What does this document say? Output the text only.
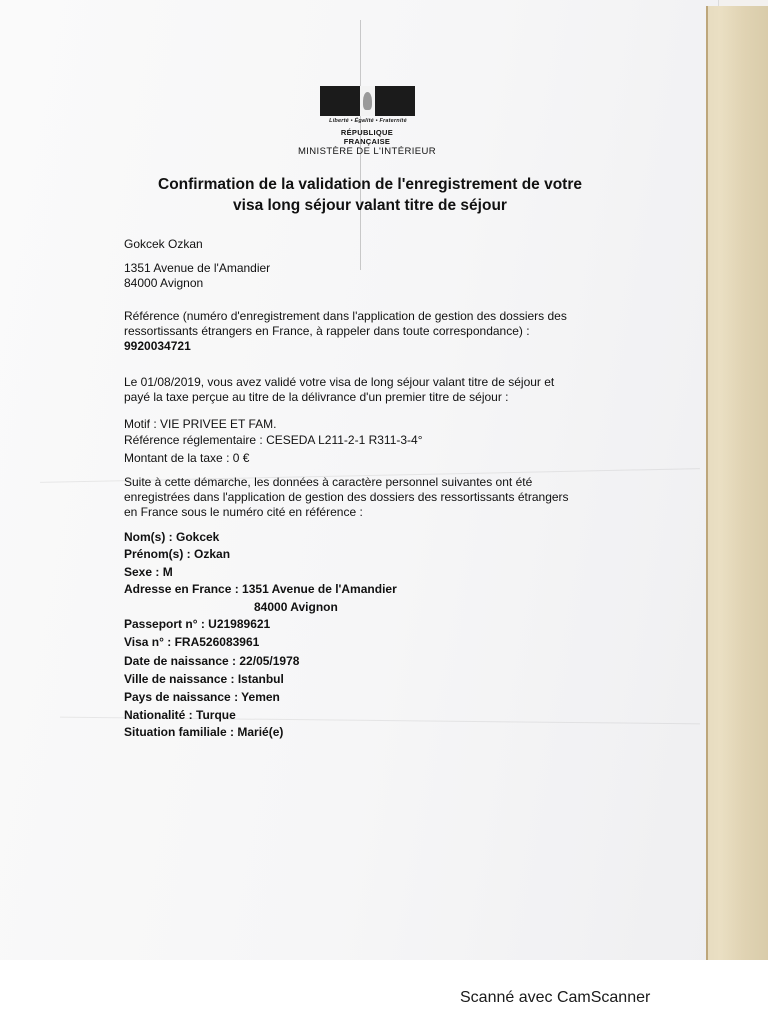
Liberté • Égalité • Fraternité
RÉPUBLIQUE FRANÇAISE
MINISTÈRE DE L'INTÉRIEUR
Confirmation de la validation de l'enregistrement de votre
visa long séjour valant titre de séjour
Gokcek Ozkan
1351 Avenue de l'Amandier
84000 Avignon
Référence (numéro d'enregistrement dans l'application de gestion des dossiers des
ressortissants étrangers en France, à rappeler dans toute correspondance) :
9920034721
Le 01/08/2019, vous avez validé votre visa de long séjour valant titre de séjour et
payé la taxe perçue au titre de la délivrance d'un premier titre de séjour :
Motif : VIE PRIVEE ET FAM.
Référence réglementaire : CESEDA L211-2-1 R311-3-4°
Montant de la taxe : 0 €
Suite à cette démarche, les données à caractère personnel suivantes ont été
enregistrées dans l'application de gestion des dossiers des ressortissants étrangers
en France sous le numéro cité en référence :
Nom(s) : Gokcek
Prénom(s) : Ozkan
Sexe : M
Adresse en France : 1351 Avenue de l'Amandier
84000 Avignon
Passeport n° : U21989621
Visa n° : FRA526083961
Date de naissance : 22/05/1978
Ville de naissance : Istanbul
Pays de naissance : Yemen
Nationalité : Turque
Situation familiale : Marié(e)
Scanné avec CamScanner
